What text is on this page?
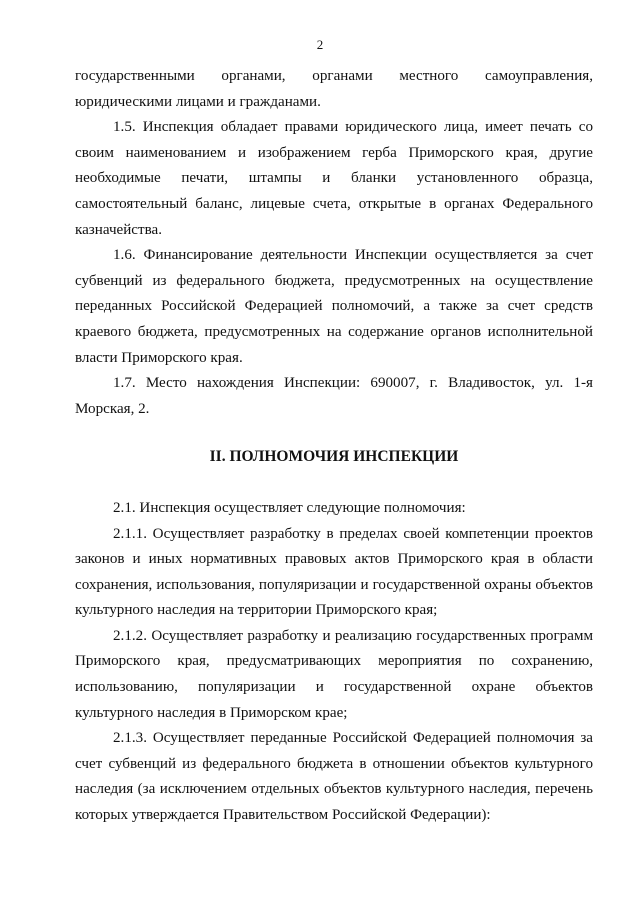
2

государственными органами, органами местного самоуправления, юридическими лицами и гражданами.

1.5. Инспекция обладает правами юридического лица, имеет печать со своим наименованием и изображением герба Приморского края, другие необходимые печати, штампы и бланки установленного образца, самостоятельный баланс, лицевые счета, открытые в органах Федерального казначейства.

1.6. Финансирование деятельности Инспекции осуществляется за счет субвенций из федерального бюджета, предусмотренных на осуществление переданных Российской Федерацией полномочий, а также за счет средств краевого бюджета, предусмотренных на содержание органов исполнительной власти Приморского края.

1.7. Место нахождения Инспекции: 690007, г. Владивосток, ул. 1-я Морская, 2.

II. ПОЛНОМОЧИЯ ИНСПЕКЦИИ

2.1. Инспекция осуществляет следующие полномочия:

2.1.1. Осуществляет разработку в пределах своей компетенции проектов законов и иных нормативных правовых актов Приморского края в области сохранения, использования, популяризации и государственной охраны объектов культурного наследия на территории Приморского края;

2.1.2. Осуществляет разработку и реализацию государственных программ Приморского края, предусматривающих мероприятия по сохранению, использованию, популяризации и государственной охране объектов культурного наследия в Приморском крае;

2.1.3. Осуществляет переданные Российской Федерацией полномочия за счет субвенций из федерального бюджета в отношении объектов культурного наследия (за исключением отдельных объектов культурного наследия, перечень которых утверждается Правительством Российской Федерации):
